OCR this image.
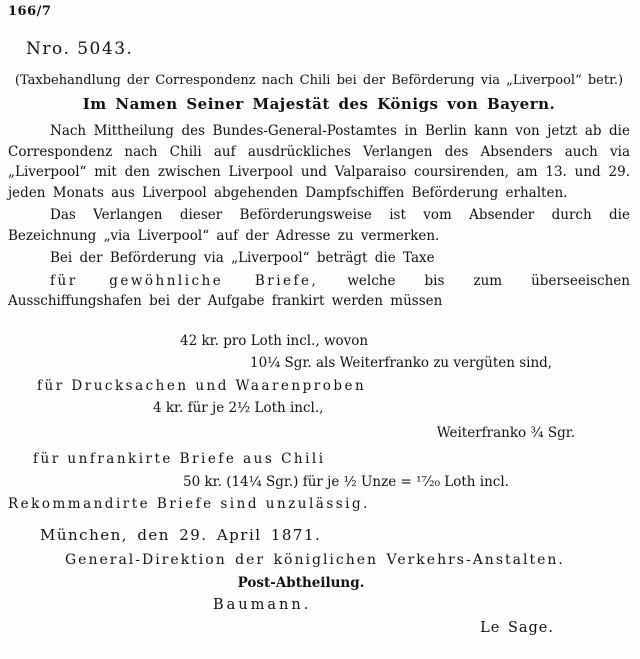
166/7
Nro. 5043.
(Taxbehandlung der Correspondenz nach Chili bei der Beförderung via „Liverpool“ betr.)
Im Namen Seiner Majestät des Königs von Bayern.

Nach Mittheilung des Bundes-General-Postamtes in Berlin kann von jetzt ab die Correspondenz nach Chili auf ausdrückliches Verlangen des Absenders auch via „Liverpool“ mit den zwischen Liverpool und Valparaiso coursirenden, am 13. und 29. jeden Monats aus Liverpool abgehenden Dampfschiffen Beförderung erhalten.

Das Verlangen dieser Beförderungsweise ist vom Absender durch die Bezeichnung „via Liverpool“ auf der Adresse zu vermerken.

Bei der Beförderung via „Liverpool“ beträgt die Taxe

für gewöhnliche Briefe, welche bis zum überseeischen Ausschiffungshafen bei der Aufgabe frankirt werden müssen

42 kr. pro Loth incl., wovon
10¼ Sgr. als Weiterfranko zu vergüten sind,
für Drucksachen und Waarenproben
4 kr. für je 2½ Loth incl.,
Weiterfranko ¾ Sgr.
für unfrankirte Briefe aus Chili
50 kr. (14¼ Sgr.) für je ½ Unze = ¹⁷⁄₂₀ Loth incl.
Rekommandirte Briefe sind unzulässig.
München, den 29. April 1871.
General-Direktion der königlichen Verkehrs-Anstalten.
Post-Abtheilung.
Baumann.
Le Sage.
